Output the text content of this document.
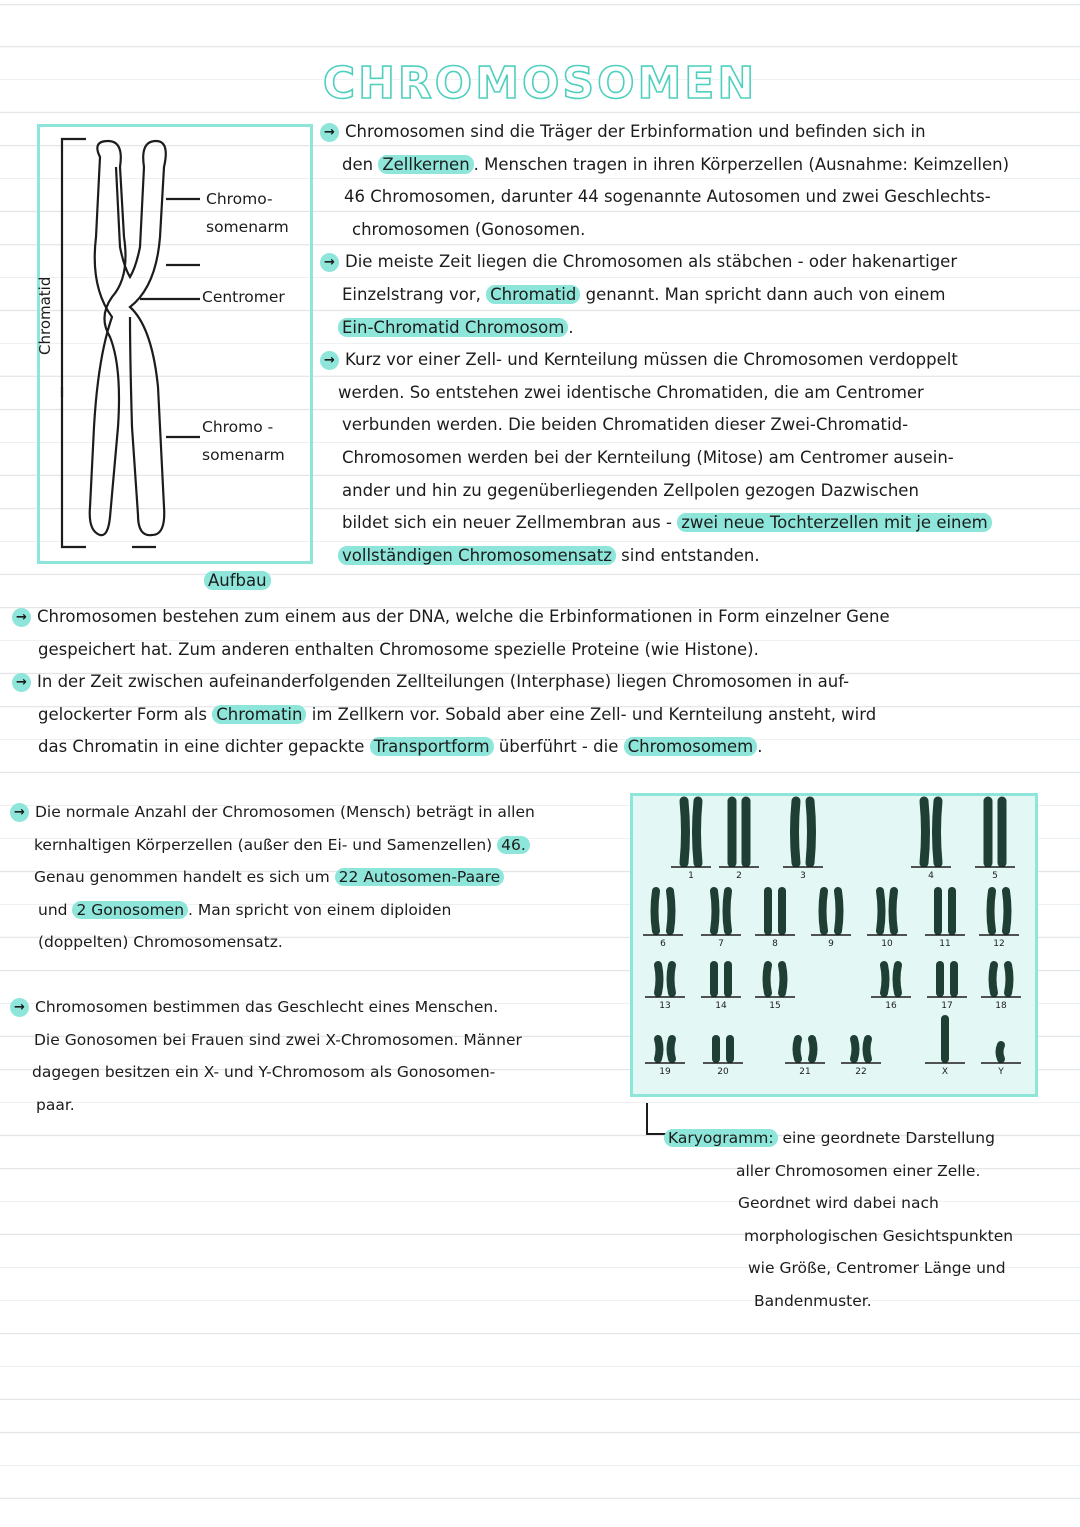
CHROMOSOMEN
Chromatid
Chromo-
somenarm
Centromer
Chromo -
somenarm
Aufbau
→ Chromosomen sind die Träger der Erbinformation und befinden sich in
den Zellkernen . Menschen tragen in ihren Körperzellen (Ausnahme: Keimzellen)
46 Chromosomen, darunter 44 sogenannte Autosomen und zwei Geschlechts-
chromosomen (Gonosomen.
→ Die meiste Zeit liegen die Chromosomen als stäbchen - oder hakenartiger
Einzelstrang vor, Chromatid genannt. Man spricht dann auch von einem
Ein-Chromatid Chromosom .
→ Kurz vor einer Zell- und Kernteilung müssen die Chromosomen verdoppelt
werden. So entstehen zwei identische Chromatiden, die am Centromer
verbunden werden. Die beiden Chromatiden dieser Zwei-Chromatid-
Chromosomen werden bei der Kernteilung (Mitose) am Centromer ausein-
ander und hin zu gegenüberliegenden Zellpolen gezogen Dazwischen
bildet sich ein neuer Zellmembran aus - zwei neue Tochterzellen mit je einem
vollständigen Chromosomensatz sind entstanden.
→ Chromosomen bestehen zum einem aus der DNA, welche die Erbinformationen in Form einzelner Gene
gespeichert hat. Zum anderen enthalten Chromosome spezielle Proteine (wie Histone).
→ In der Zeit zwischen aufeinanderfolgenden Zellteilungen (Interphase) liegen Chromosomen in auf-
gelockerter Form als Chromatin im Zellkern vor. Sobald aber eine Zell- und Kernteilung ansteht, wird
das Chromatin in eine dichter gepackte Transportform überführt - die Chromosomem .
→ Die normale Anzahl der Chromosomen (Mensch) beträgt in allen
kernhaltigen Körperzellen (außer den Ei- und Samenzellen) 46.
Genau genommen handelt es sich um 22 Autosomen-Paare
und 2 Gonosomen . Man spricht von einem diploiden
(doppelten) Chromosomensatz.
→ Chromosomen bestimmen das Geschlecht eines Menschen.
Die Gonosomen bei Frauen sind zwei X-Chromosomen. Männer
dagegen besitzen ein X- und Y-Chromosom als Gonosomen-
paar.
1	2	3	4	5
6	7	8	9	10	11	12
13	14	15	16	17	18
19	20	21	22	X	Y
Karyogramm: eine geordnete Darstellung
aller Chromosomen einer Zelle.
Geordnet wird dabei nach
morphologischen Gesichtspunkten
wie Größe, Centromer Länge und
Bandenmuster.
